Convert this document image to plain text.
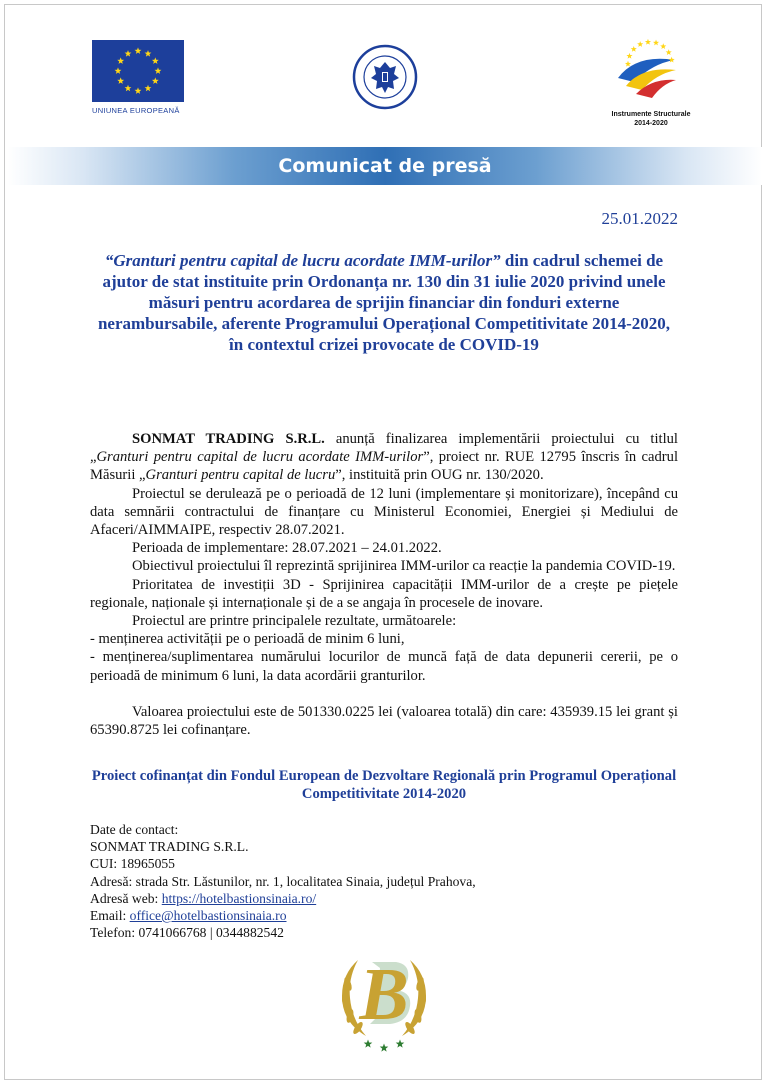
UNIUNEA EUROPEANĂ	Instrumente Structurale
2014-2020
Comunicat de presă
25.01.2022
“Granturi pentru capital de lucru acordate IMM-urilor” din cadrul schemei de ajutor de stat instituite prin Ordonanța nr. 130 din 31 iulie 2020 privind unele măsuri pentru acordarea de sprijin financiar din fonduri externe nerambursabile, aferente Programului Operațional Competitivitate 2014-2020, în contextul crizei provocate de COVID-19

SONMAT TRADING S.R.L. anunță finalizarea implementării proiectului cu titlul „Granturi pentru capital de lucru acordate IMM-urilor”, proiect nr. RUE 12795 înscris în cadrul Măsurii „Granturi pentru capital de lucru”, instituită prin OUG nr. 130/2020.

Proiectul se derulează pe o perioadă de 12 luni (implementare și monitorizare), începând cu data semnării contractului de finanțare cu Ministerul Economiei, Energiei și Mediului de Afaceri/AIMMAIPE, respectiv 28.07.2021.

Perioada de implementare: 28.07.2021 – 24.01.2022.

Obiectivul proiectului îl reprezintă sprijinirea IMM-urilor ca reacție la pandemia COVID-19.

Prioritatea de investiții 3D - Sprijinirea capacității IMM-urilor de a crește pe piețele regionale, naționale și internaționale și de a se angaja în procesele de inovare.

Proiectul are printre principalele rezultate, următoarele:

- menținerea activității pe o perioadă de minim 6 luni,

- menținerea/suplimentarea numărului locurilor de muncă față de data depunerii cererii, pe o perioadă de minimum 6 luni, la data acordării granturilor.

Valoarea proiectului este de 501330.0225 lei (valoarea totală) din care: 435939.15 lei grant și 65390.8725 lei cofinanțare.

Proiect cofinanțat din Fondul European de Dezvoltare Regională prin Programul Operațional Competitivitate 2014-2020
Date de contact:
SONMAT TRADING S.R.L.
CUI: 18965055
Adresă: strada Str. Lăstunilor, nr. 1, localitatea Sinaia, județul Prahova,
Adresă web: https://hotelbastionsinaia.ro/
Email: office@hotelbastionsinaia.ro
Telefon: 0741066768 | 0344882542
B
